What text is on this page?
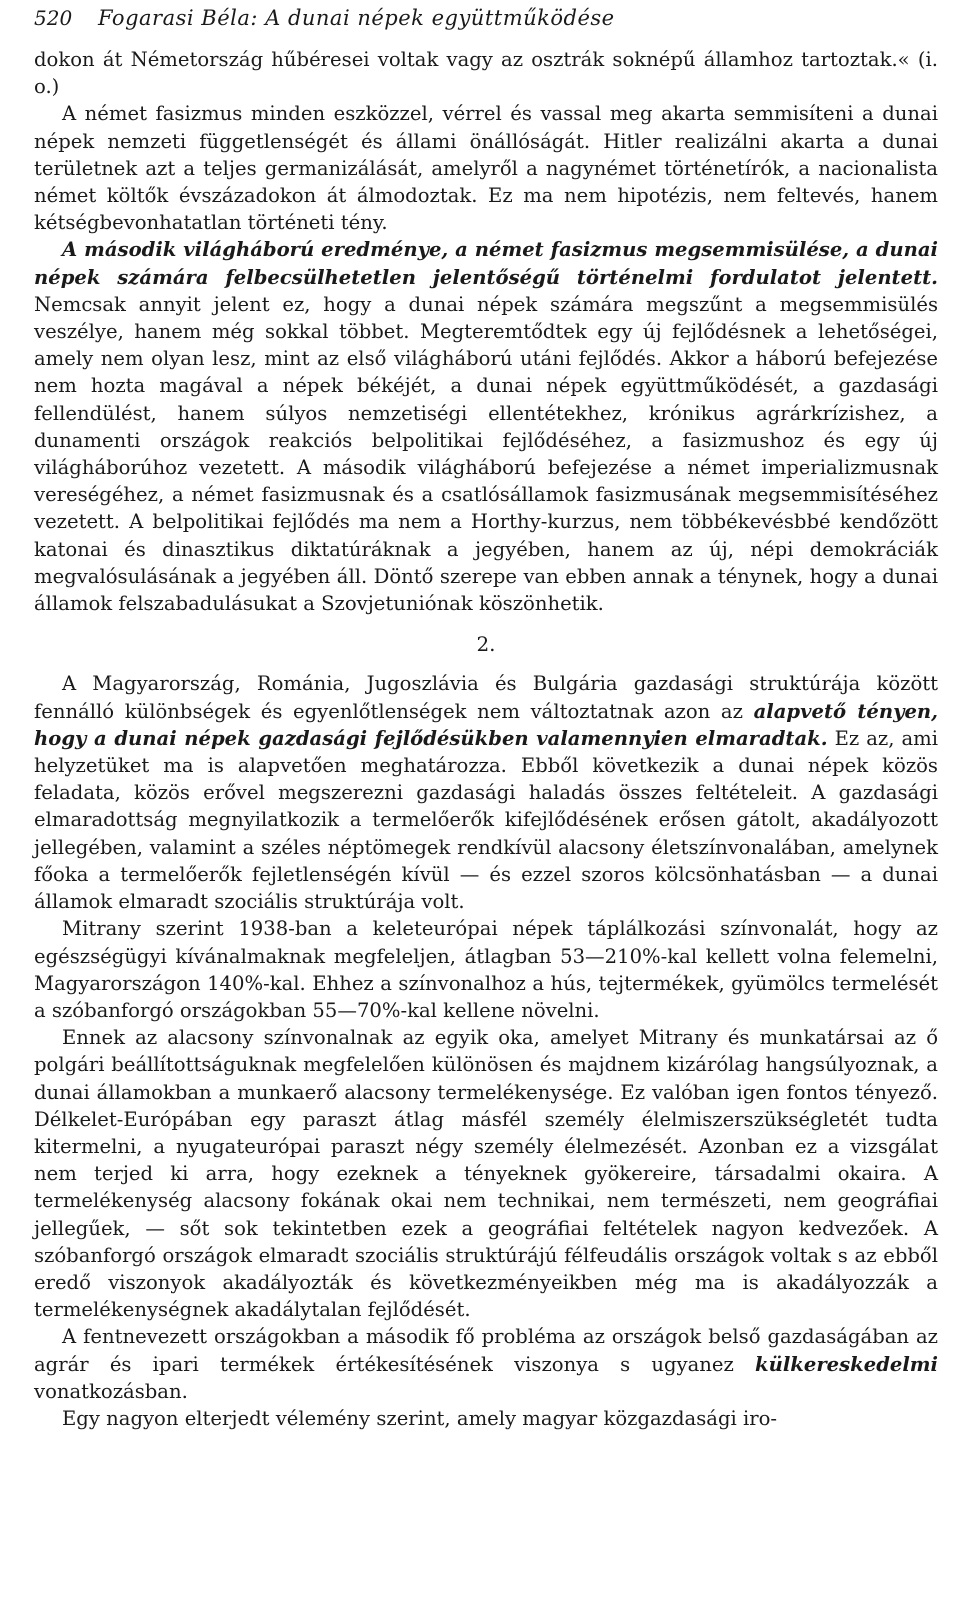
520	Fogarasi Béla: A dunai népek együttműködése

dokon át Németország hűbéresei voltak vagy az osztrák soknépű államhoz tartoztak.« (i. o.)

A német fasizmus minden eszközzel, vérrel és vassal meg akarta semmisíteni a dunai népek nemzeti függetlenségét és állami önállóságát. Hitler realizálni akarta a dunai területnek azt a teljes germanizálását, amelyről a nagynémet történetírók, a nacionalista német költők évszázadokon át álmodoztak. Ez ma nem hipotézis, nem feltevés, hanem kétségbevonhatatlan történeti tény.

A második világháború eredménye, a német fasizmus megsemmisülése, a dunai népek számára felbecsülhetetlen jelentőségű történelmi fordulatot jelentett. Nemcsak annyit jelent ez, hogy a dunai népek számára megszűnt a megsemmisülés veszélye, hanem még sokkal többet. Megteremtődtek egy új fejlődésnek a lehetőségei, amely nem olyan lesz, mint az első világháború utáni fejlődés. Akkor a háború befejezése nem hozta magával a népek békéjét, a dunai népek együttműködését, a gazdasági fellendülést, hanem súlyos nemzetiségi ellentétekhez, krónikus agrárkrízishez, a dunamenti országok reakciós belpolitikai fejlődéséhez, a fasizmushoz és egy új világháborúhoz vezetett. A második világháború befejezése a német imperializmusnak vereségéhez, a német fasizmusnak és a csatlósállamok fasizmusának megsemmisítéséhez vezetett. A belpolitikai fejlődés ma nem a Horthy-kurzus, nem többékevésbbé kendőzött katonai és dinasztikus diktatúráknak a jegyében, hanem az új, népi demokráciák megvalósulásának a jegyében áll. Döntő szerepe van ebben annak a ténynek, hogy a dunai államok felszabadulásukat a Szovjetuniónak köszönhetik.

2.

A Magyarország, Románia, Jugoszlávia és Bulgária gazdasági struktúrája között fennálló különbségek és egyenlőtlenségek nem változtatnak azon az alapvető tényen, hogy a dunai népek gazdasági fejlődésükben valamennyien elmaradtak. Ez az, ami helyzetüket ma is alapvetően meghatározza. Ebből következik a dunai népek közös feladata, közös erővel megszerezni gazdasági haladás összes feltételeit. A gazdasági elmaradottság megnyilatkozik a termelőerők kifejlődésének erősen gátolt, akadályozott jellegében, valamint a széles néptömegek rendkívül alacsony életszínvonalában, amelynek főoka a termelőerők fejletlenségén kívül — és ezzel szoros kölcsönhatásban — a dunai államok elmaradt szociális struktúrája volt.

Mitrany szerint 1938-ban a keleteurópai népek táplálkozási színvonalát, hogy az egészségügyi kívánalmaknak megfeleljen, átlagban 53—210%-kal kellett volna felemelni, Magyarországon 140%-kal. Ehhez a színvonalhoz a hús, tejtermékek, gyümölcs termelését a szóbanforgó országokban 55—70%-kal kellene növelni.

Ennek az alacsony színvonalnak az egyik oka, amelyet Mitrany és munkatársai az ő polgári beállítottságuknak megfelelően különösen és majdnem kizárólag hangsúlyoznak, a dunai államokban a munkaerő alacsony termelékenysége. Ez valóban igen fontos tényező. Délkelet-Európában egy paraszt átlag másfél személy élelmiszerszükségletét tudta kitermelni, a nyugateurópai paraszt négy személy élelmezését. Azonban ez a vizsgálat nem terjed ki arra, hogy ezeknek a tényeknek gyökereire, társadalmi okaira. A termelékenység alacsony fokának okai nem technikai, nem természeti, nem geográfiai jellegűek, — sőt sok tekintetben ezek a geográfiai feltételek nagyon kedvezőek. A szóbanforgó országok elmaradt szociális struktúrájú félfeudális országok voltak s az ebből eredő viszonyok akadályozták és következményeikben még ma is akadályozzák a termelékenységnek akadálytalan fejlődését.

A fentnevezett országokban a második fő probléma az országok belső gazdaságában az agrár és ipari termékek értékesítésének viszonya s ugyanez külkereskedelmi vonatkozásban.

Egy nagyon elterjedt vélemény szerint, amely magyar közgazdasági iro-
